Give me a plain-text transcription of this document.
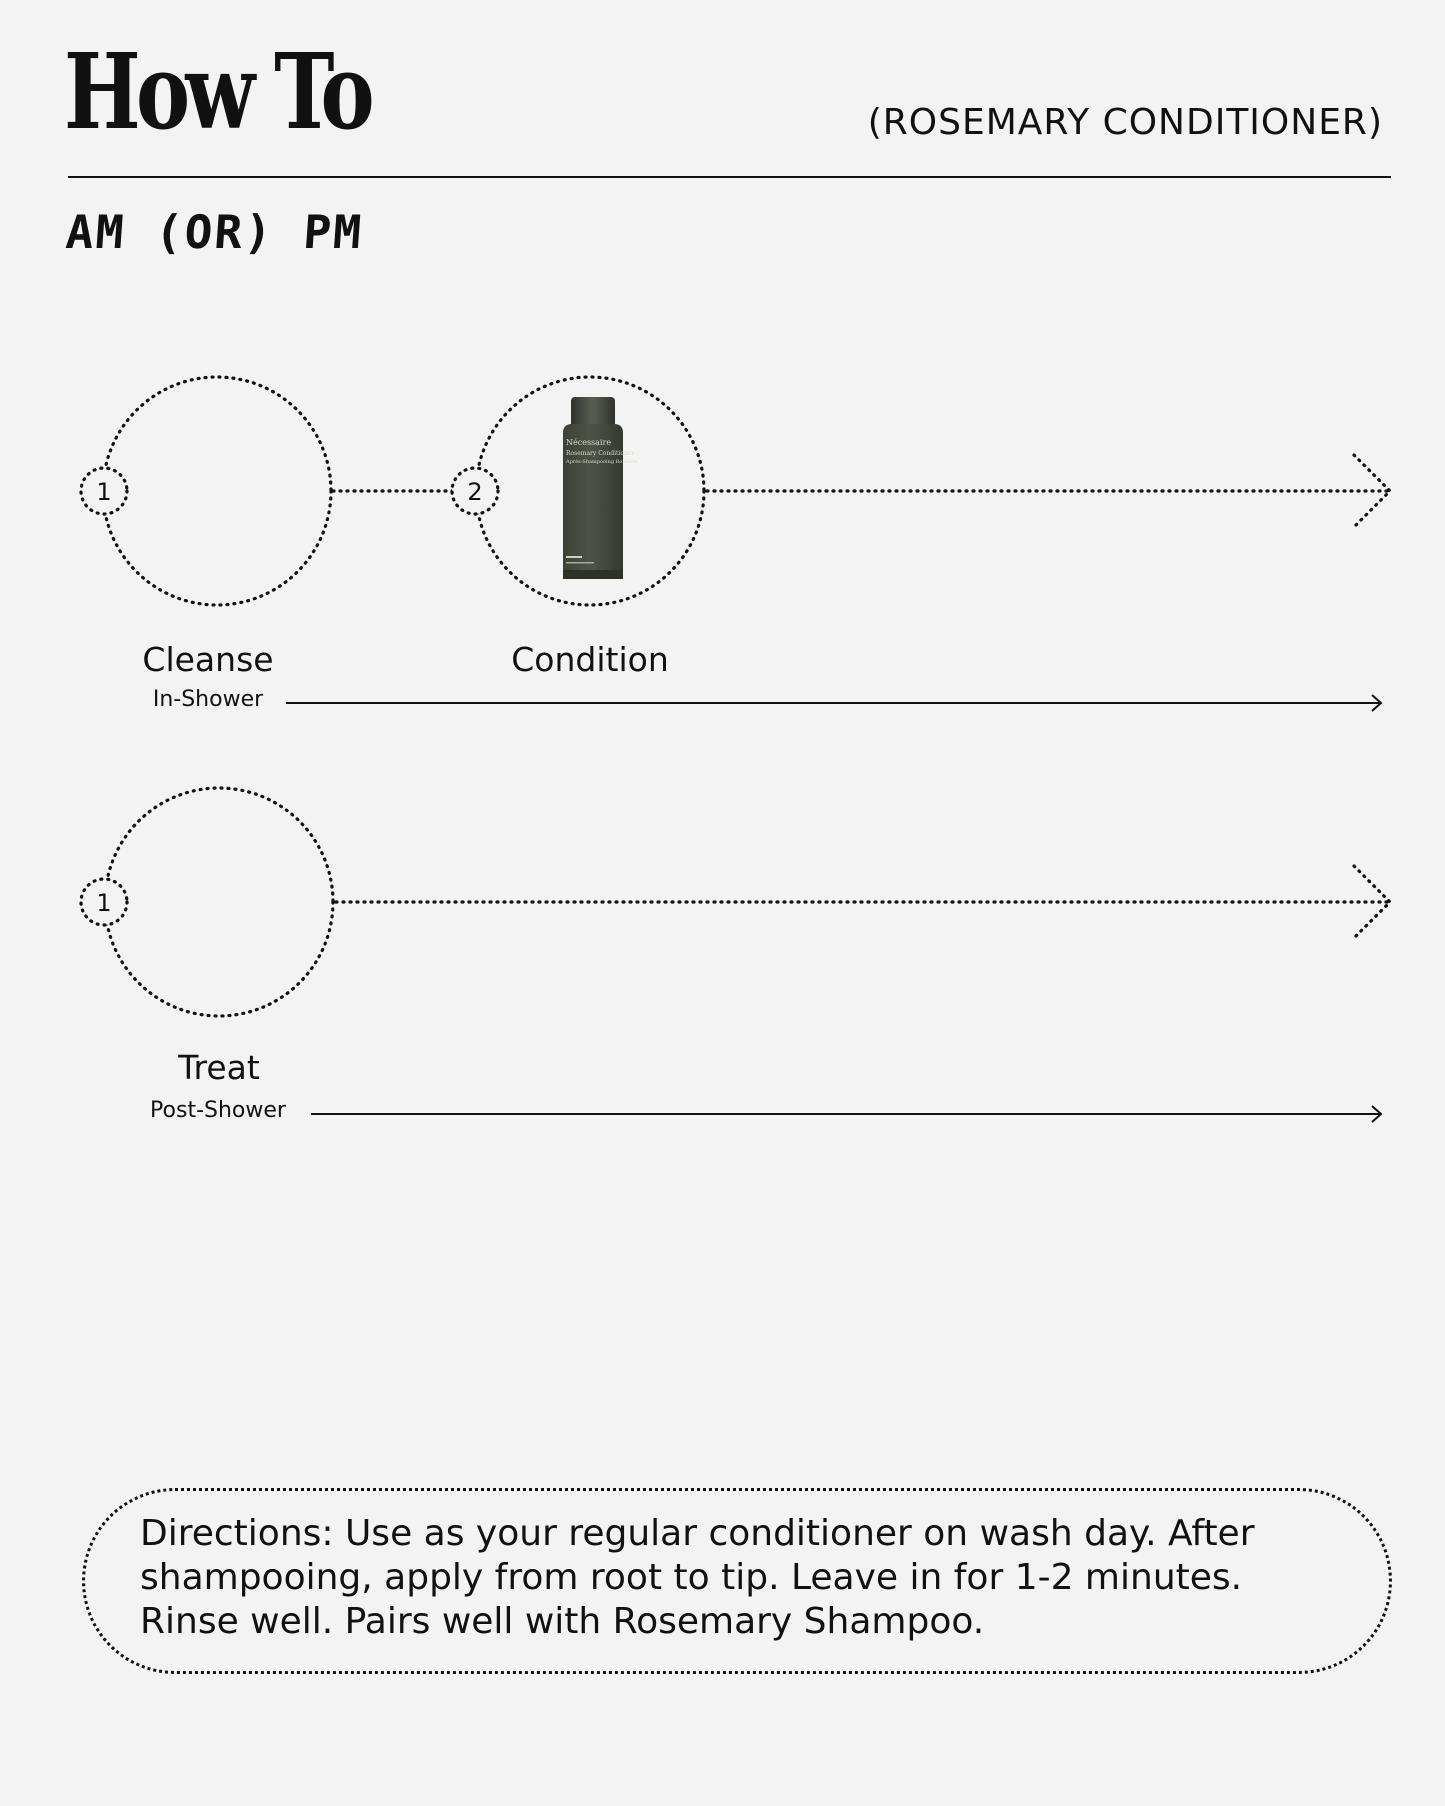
How To	(ROSEMARY CONDITIONER)
AM (OR) PM
1	2
Nécessaire
Rosemary Conditioner
Après-Shampooing Romarin
1
Cleanse	Condition
In-Shower
Treat
Post-Shower

Directions: Use as your regular conditioner on wash day. After shampooing, apply from root to tip. Leave in for 1-2 minutes. Rinse well. Pairs well with Rosemary Shampoo.
